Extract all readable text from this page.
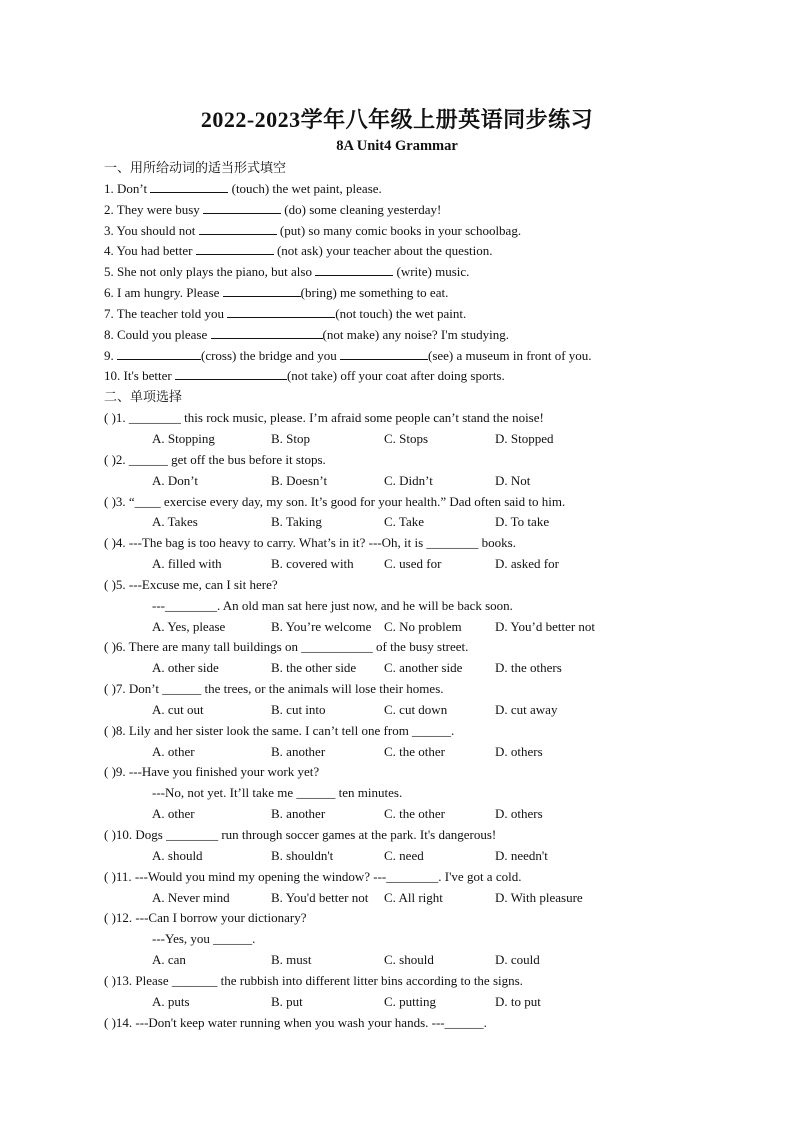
2022-2023学年八年级上册英语同步练习
8A Unit4 Grammar
一、用所给动词的适当形式填空
1. Don’t	(touch) the wet paint, please.
2. They were busy	(do) some cleaning yesterday!
3. You should not	(put) so many comic books in your schoolbag.
4. You had better	(not ask) your teacher about the question.
5. She not only plays the piano, but also	(write) music.
6. I am hungry. Please	(bring) me something to eat.
7. The teacher told you	(not touch) the wet paint.
8. Could you please	(not make) any noise? I'm studying.
9.	(cross) the bridge and you	(see) a museum in front of you.
10. It's better	(not take) off your coat after doing sports.
二、单项选择
( )1. ________ this rock music, please. I’m afraid some people can’t stand the noise!
A. Stopping	B. Stop	C. Stops	D. Stopped
( )2. ______ get off the bus before it stops.
A. Don’t	B. Doesn’t	C. Didn’t	D. Not
( )3. “____ exercise every day, my son. It’s good for your health.” Dad often said to him.
A. Takes	B. Taking	C. Take	D. To take
( )4. ---The bag is too heavy to carry. What’s in it? ---Oh, it is ________ books.
A. filled with	B. covered with C. used for	D. asked for
( )5. ---Excuse me, can I sit here?
---________. An old man sat here just now, and he will be back soon.
A. Yes, please	B. You’re welcome C. No problem	D. You’d better not
( )6. There are many tall buildings on ___________ of the busy street.
A. other side	B. the other side C. another side	D. the others
( )7. Don’t ______ the trees, or the animals will lose their homes.
A. cut out	B. cut into	C. cut down	D. cut away
( )8. Lily and her sister look the same. I can’t tell one from ______.
A. other	B. another	C. the other	D. others
( )9. ---Have you finished your work yet?
---No, not yet. It’ll take me ______ ten minutes.
A. other	B. another	C. the other	D. others
( )10. Dogs ________ run through soccer games at the park. It's dangerous!
A. should	B. shouldn't	C. need	D. needn't
( )11. ---Would you mind my opening the window? ---________. I've got a cold.
A. Never mind	B. You'd better not C. All right	D. With pleasure
( )12. ---Can I borrow your dictionary?
---Yes, you ______.
A. can	B. must	C. should	D. could
( )13. Please _______ the rubbish into different litter bins according to the signs.
A. puts	B. put	C. putting	D. to put
( )14. ---Don't keep water running when you wash your hands. ---______.
